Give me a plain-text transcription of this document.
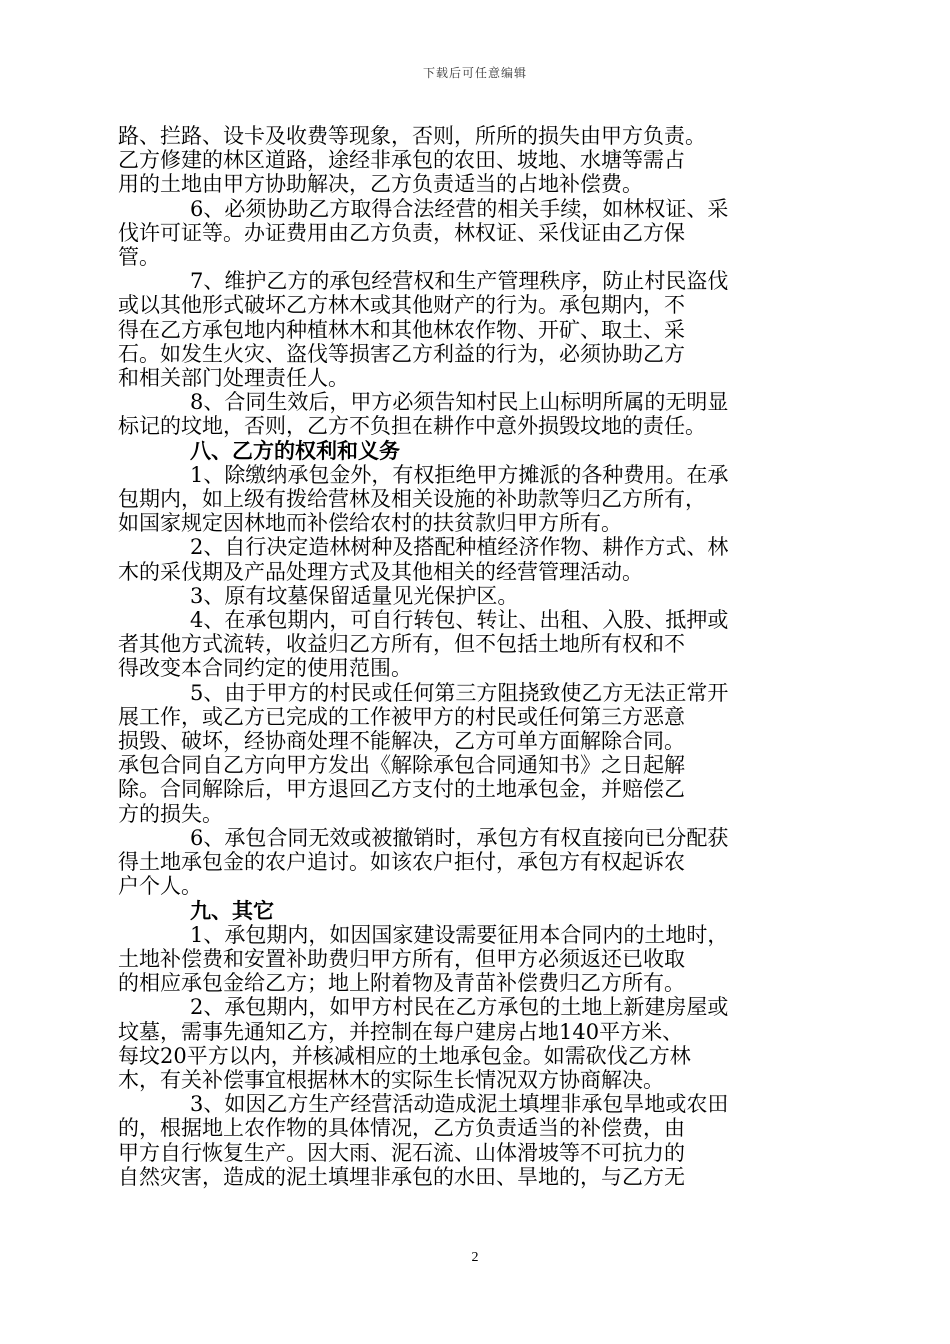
下载后可任意编辑
路、拦路、设卡及收费等现象，否则，所所的损失由甲方负责。
乙方修建的林区道路，途经非承包的农田、坡地、水塘等需占
用的土地由甲方协助解决，乙方负责适当的占地补偿费。
6、必须协助乙方取得合法经营的相关手续，如林权证、采
伐许可证等。办证费用由乙方负责，林权证、采伐证由乙方保
管。
7、维护乙方的承包经营权和生产管理秩序，防止村民盗伐
或以其他形式破坏乙方林木或其他财产的行为。承包期内，不
得在乙方承包地内种植林木和其他林农作物、开矿、取土、采
石。如发生火灾、盗伐等损害乙方利益的行为，必须协助乙方
和相关部门处理责任人。
8、合同生效后，甲方必须告知村民上山标明所属的无明显
标记的坟地，否则，乙方不负担在耕作中意外损毁坟地的责任。
八、乙方的权利和义务
1、除缴纳承包金外，有权拒绝甲方摊派的各种费用。在承
包期内，如上级有拨给营林及相关设施的补助款等归乙方所有，
如国家规定因林地而补偿给农村的扶贫款归甲方所有。
2、自行决定造林树种及搭配种植经济作物、耕作方式、林
木的采伐期及产品处理方式及其他相关的经营管理活动。
3、原有坟墓保留适量见光保护区。
4、在承包期内，可自行转包、转让、出租、入股、抵押或
者其他方式流转，收益归乙方所有，但不包括土地所有权和不
得改变本合同约定的使用范围。
5、由于甲方的村民或任何第三方阻挠致使乙方无法正常开
展工作，或乙方已完成的工作被甲方的村民或任何第三方恶意
损毁、破坏，经协商处理不能解决，乙方可单方面解除合同。
承包合同自乙方向甲方发出《解除承包合同通知书》之日起解
除。合同解除后，甲方退回乙方支付的土地承包金，并赔偿乙
方的损失。
6、承包合同无效或被撤销时，承包方有权直接向已分配获
得土地承包金的农户追讨。如该农户拒付，承包方有权起诉农
户个人。
九、其它
1、承包期内，如因国家建设需要征用本合同内的土地时，
土地补偿费和安置补助费归甲方所有，但甲方必须返还已收取
的相应承包金给乙方；地上附着物及青苗补偿费归乙方所有。
2、承包期内，如甲方村民在乙方承包的土地上新建房屋或
坟墓，需事先通知乙方，并控制在每户建房占地140平方米、
每坟20平方以内，并核减相应的土地承包金。如需砍伐乙方林
木，有关补偿事宜根据林木的实际生长情况双方协商解决。
3、如因乙方生产经营活动造成泥土填埋非承包旱地或农田
的，根据地上农作物的具体情况，乙方负责适当的补偿费，由
甲方自行恢复生产。因大雨、泥石流、山体滑坡等不可抗力的
自然灾害，造成的泥土填埋非承包的水田、旱地的，与乙方无
2
